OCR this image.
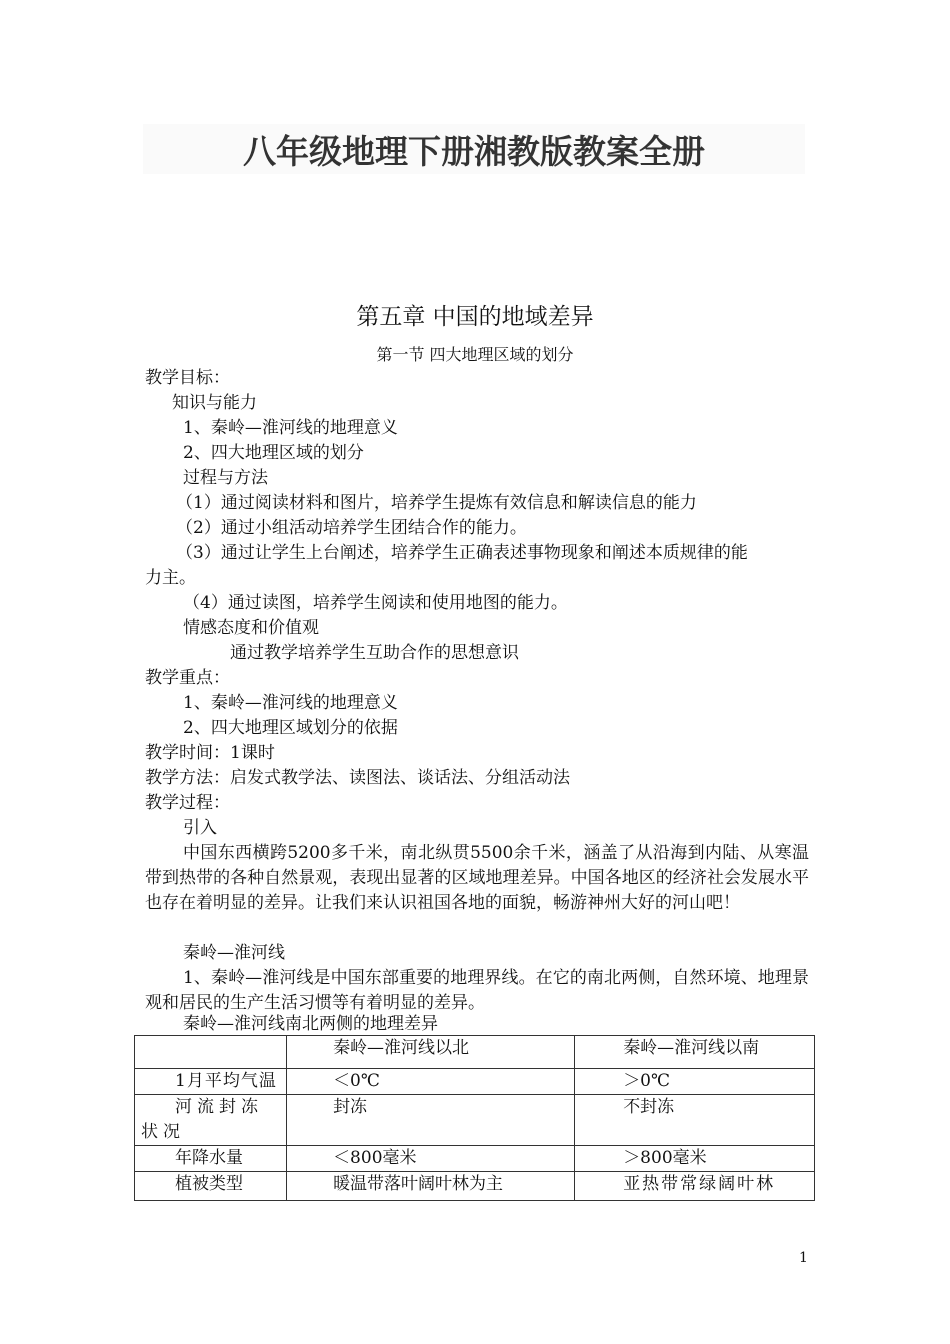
八年级地理下册湘教版教案全册
第五章 中国的地域差异
第一节 四大地理区域的划分
教学目标：
知识与能力
1、秦岭—淮河线的地理意义
2、四大地理区域的划分
过程与方法
（1）通过阅读材料和图片，培养学生提炼有效信息和解读信息的能力
（2）通过小组活动培养学生团结合作的能力。
（3）通过让学生上台阐述，培养学生正确表述事物现象和阐述本质规律的能
力主。
（4）通过读图，培养学生阅读和使用地图的能力。
情感态度和价值观
通过教学培养学生互助合作的思想意识
教学重点：
1、秦岭—淮河线的地理意义
2、四大地理区域划分的依据
教学时间：1课时
教学方法：启发式教学法、读图法、谈话法、分组活动法
教学过程：
引入
中国东西横跨5200多千米，南北纵贯5500余千米，涵盖了从沿海到内陆、从寒温带到热带的各种自然景观，表现出显著的区域地理差异。中国各地区的经济社会发展水平也存在着明显的差异。让我们来认识祖国各地的面貌，畅游神州大好的河山吧！
秦岭—淮河线
1、秦岭—淮河线是中国东部重要的地理界线。在它的南北两侧，自然环境、地理景观和居民的生产生活习惯等有着明显的差异。
秦岭—淮河线南北两侧的地理差异
	秦岭—淮河线以北	秦岭—淮河线以南
1月平均气温	＜0℃	＞0℃
河流封冻状况	封冻	不封冻
年降水量	＜800毫米	＞800毫米
植被类型	暖温带落叶阔叶林为主	亚热带常绿阔叶林
1
